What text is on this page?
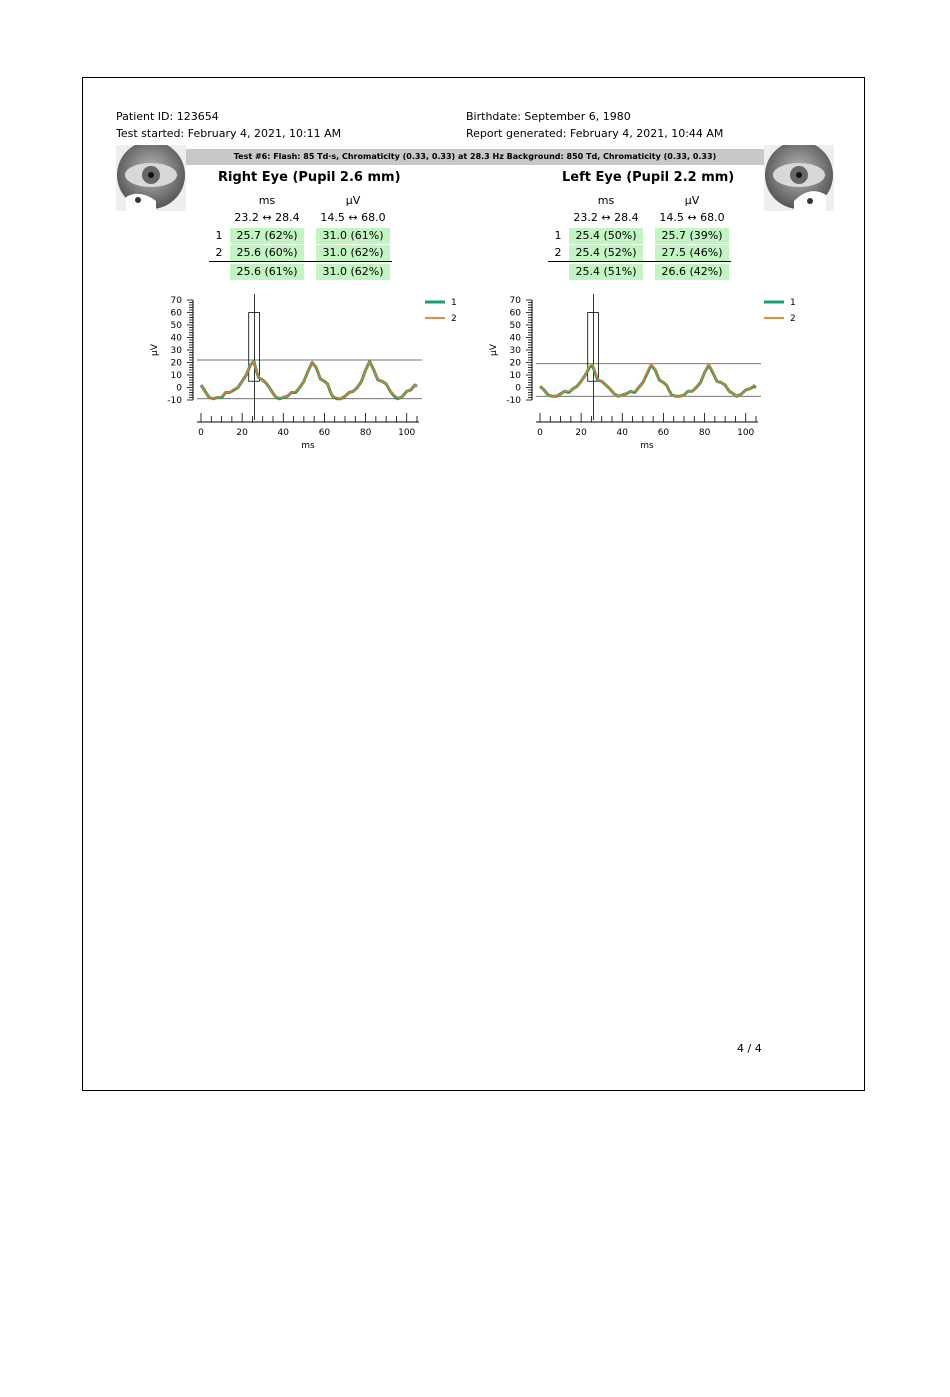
Patient ID: 123654
Test started: February 4, 2021, 10:11 AM
Birthdate: September 6, 1980
Report generated: February 4, 2021, 10:44 AM
Test #6: Flash: 85 Td·s, Chromaticity (0.33, 0.33) at 28.3 Hz Background: 850 Td, Chromaticity (0.33, 0.33)
Right Eye (Pupil 2.6 mm)
ms	µV
23.2 ↔ 28.4	14.5 ↔ 68.0
1	25.7 (62%)	31.0 (61%)
2	25.6 (60%)	31.0 (62%)
25.6 (61%)	31.0 (62%)
Left Eye (Pupil 2.2 mm)
ms	µV
23.2 ↔ 28.4	14.5 ↔ 68.0
1	25.4 (50%)	25.7 (39%)
2	25.4 (52%)	27.5 (46%)
25.4 (51%)	26.6 (42%)
70
60
50
40
30
20
10
0
-10
µV
0	20	40	60	80	100
ms
1
2
70
60
50
40
30
20
10
0
-10
µV
0	20	40	60	80	100
ms
1
2
4 / 4
